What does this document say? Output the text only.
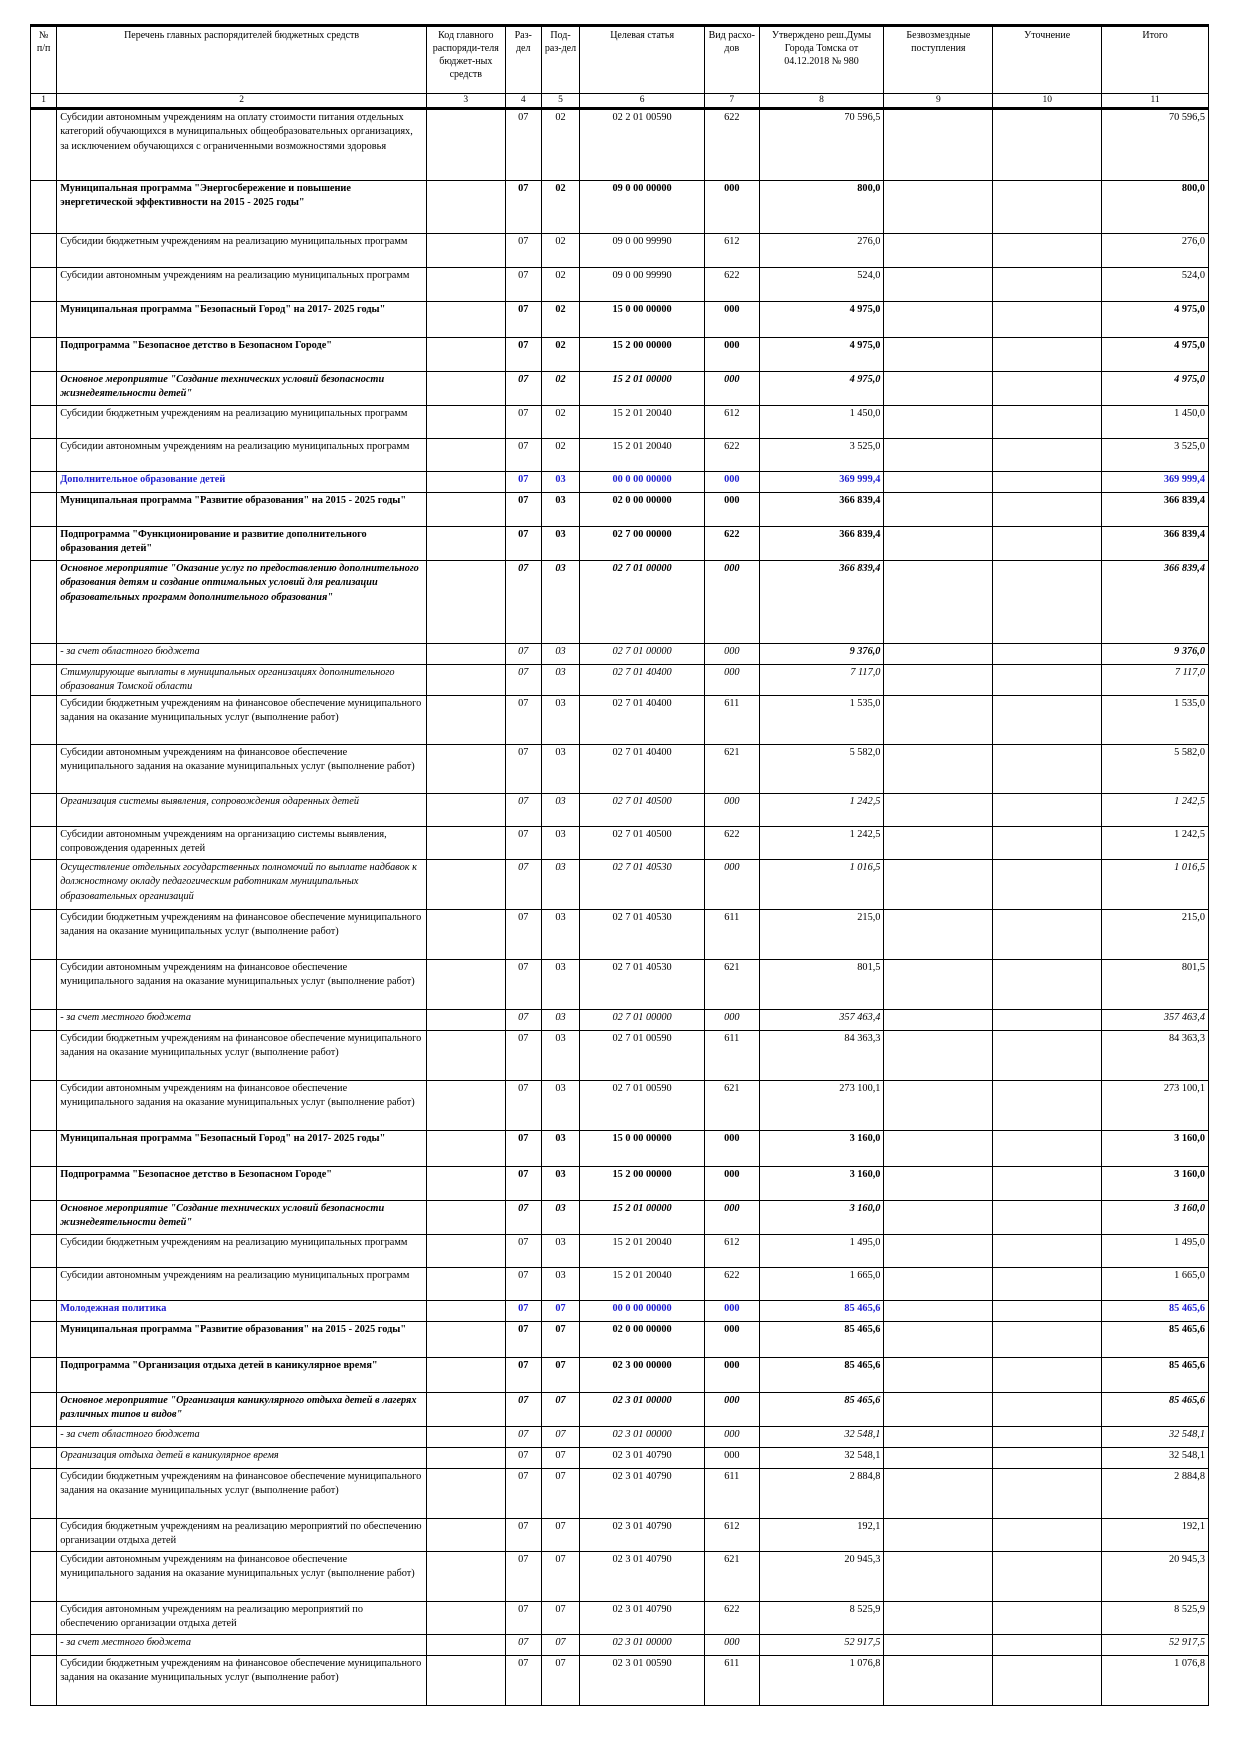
№ п/п	Перечень главных распорядителей бюджетных средств	Код главного распоряди-теля бюджет-ных средств	Раз-дел	Под-раз-дел	Целевая статья	Вид расхо-дов	Утверждено реш.Думы Города Томска от 04.12.2018 № 980	Безвозмездные поступления	Уточнение	Итого
1	2	3	4	5	6	7	8	9	10	11
	Субсидии автономным учреждениям на оплату стоимости питания отдельных категорий обучающихся в муниципальных общеобразовательных организациях, за исключением обучающихся с ограниченными возможностями здоровья		07	02	02 2 01 00590	622	70 596,5			70 596,5
	Муниципальная программа "Энергосбережение и повышение энергетической эффективности на 2015 - 2025 годы"		07	02	09 0 00 00000	000	800,0			800,0
	Субсидии бюджетным учреждениям на реализацию муниципальных программ		07	02	09 0 00 99990	612	276,0			276,0
	Субсидии автономным учреждениям на реализацию муниципальных программ		07	02	09 0 00 99990	622	524,0			524,0
	Муниципальная программа "Безопасный Город" на 2017- 2025 годы"		07	02	15 0 00 00000	000	4 975,0			4 975,0
	Подпрограмма "Безопасное детство в Безопасном Городе"		07	02	15 2 00 00000	000	4 975,0			4 975,0
	Основное мероприятие "Создание технических условий безопасности жизнедеятельности детей"		07	02	15 2 01 00000	000	4 975,0			4 975,0
	Субсидии бюджетным учреждениям на реализацию муниципальных программ		07	02	15 2 01 20040	612	1 450,0			1 450,0
	Субсидии автономным учреждениям на реализацию муниципальных программ		07	02	15 2 01 20040	622	3 525,0			3 525,0
	Дополнительное образование детей		07	03	00 0 00 00000	000	369 999,4			369 999,4
	Муниципальная программа "Развитие образования" на 2015 - 2025 годы"		07	03	02 0 00 00000	000	366 839,4			366 839,4
	Подпрограмма "Функционирование и развитие дополнительного образования детей"		07	03	02 7 00 00000	622	366 839,4			366 839,4
	Основное мероприятие "Оказание услуг по предоставлению дополнительного образования детям и создание оптимальных условий для реализации образовательных программ дополнительного образования"		07	03	02 7 01 00000	000	366 839,4			366 839,4
	- за счет областного бюджета		07	03	02 7 01 00000	000	9 376,0			9 376,0
	Стимулирующие выплаты в муниципальных организациях дополнительного образования Томской области		07	03	02 7 01 40400	000	7 117,0			7 117,0
	Субсидии бюджетным учреждениям на финансовое обеспечение муниципального задания на оказание муниципальных услуг (выполнение работ)		07	03	02 7 01 40400	611	1 535,0			1 535,0
	Субсидии автономным учреждениям на финансовое обеспечение муниципального задания на оказание муниципальных услуг (выполнение работ)		07	03	02 7 01 40400	621	5 582,0			5 582,0
	Организация системы выявления, сопровождения одаренных детей		07	03	02 7 01 40500	000	1 242,5			1 242,5
	Субсидии автономным учреждениям на организацию системы выявления, сопровождения одаренных детей		07	03	02 7 01 40500	622	1 242,5			1 242,5
	Осуществление отдельных государственных полномочий по выплате надбавок к должностному окладу педагогическим работникам муниципальных образовательных организаций		07	03	02 7 01 40530	000	1 016,5			1 016,5
	Субсидии бюджетным учреждениям на финансовое обеспечение муниципального задания на оказание муниципальных услуг (выполнение работ)		07	03	02 7 01 40530	611	215,0			215,0
	Субсидии автономным учреждениям на финансовое обеспечение муниципального задания на оказание муниципальных услуг (выполнение работ)		07	03	02 7 01 40530	621	801,5			801,5
	- за счет местного бюджета		07	03	02 7 01 00000	000	357 463,4			357 463,4
	Субсидии бюджетным учреждениям на финансовое обеспечение муниципального задания на оказание муниципальных услуг (выполнение работ)		07	03	02 7 01 00590	611	84 363,3			84 363,3
	Субсидии автономным учреждениям на финансовое обеспечение муниципального задания на оказание муниципальных услуг (выполнение работ)		07	03	02 7 01 00590	621	273 100,1			273 100,1
	Муниципальная программа "Безопасный Город" на 2017- 2025 годы"		07	03	15 0 00 00000	000	3 160,0			3 160,0
	Подпрограмма "Безопасное детство в Безопасном Городе"		07	03	15 2 00 00000	000	3 160,0			3 160,0
	Основное мероприятие "Создание технических условий безопасности жизнедеятельности детей"		07	03	15 2 01 00000	000	3 160,0			3 160,0
	Субсидии бюджетным учреждениям на реализацию муниципальных программ		07	03	15 2 01 20040	612	1 495,0			1 495,0
	Субсидии автономным учреждениям на реализацию муниципальных программ		07	03	15 2 01 20040	622	1 665,0			1 665,0
	Молодежная политика		07	07	00 0 00 00000	000	85 465,6			85 465,6
	Муниципальная программа "Развитие образования" на 2015 - 2025 годы"		07	07	02 0 00 00000	000	85 465,6			85 465,6
	Подпрограмма "Организация отдыха детей в каникулярное время"		07	07	02 3 00 00000	000	85 465,6			85 465,6
	Основное мероприятие "Организация каникулярного отдыха детей в лагерях различных типов и видов"		07	07	02 3 01 00000	000	85 465,6			85 465,6
	- за счет областного бюджета		07	07	02 3 01 00000	000	32 548,1			32 548,1
	Организация отдыха детей в каникулярное время		07	07	02 3 01 40790	000	32 548,1			32 548,1
	Субсидии бюджетным учреждениям на финансовое обеспечение муниципального задания на оказание муниципальных услуг (выполнение работ)		07	07	02 3 01 40790	611	2 884,8			2 884,8
	Субсидия бюджетным учреждениям на реализацию мероприятий по обеспечению организации отдыха детей		07	07	02 3 01 40790	612	192,1			192,1
	Субсидии автономным учреждениям на финансовое обеспечение муниципального задания на оказание муниципальных услуг (выполнение работ)		07	07	02 3 01 40790	621	20 945,3			20 945,3
	Субсидия автономным учреждениям на реализацию мероприятий по обеспечению организации отдыха детей		07	07	02 3 01 40790	622	8 525,9			8 525,9
	- за счет местного бюджета		07	07	02 3 01 00000	000	52 917,5			52 917,5
	Субсидии бюджетным учреждениям на финансовое обеспечение муниципального задания на оказание муниципальных услуг (выполнение работ)		07	07	02 3 01 00590	611	1 076,8			1 076,8
